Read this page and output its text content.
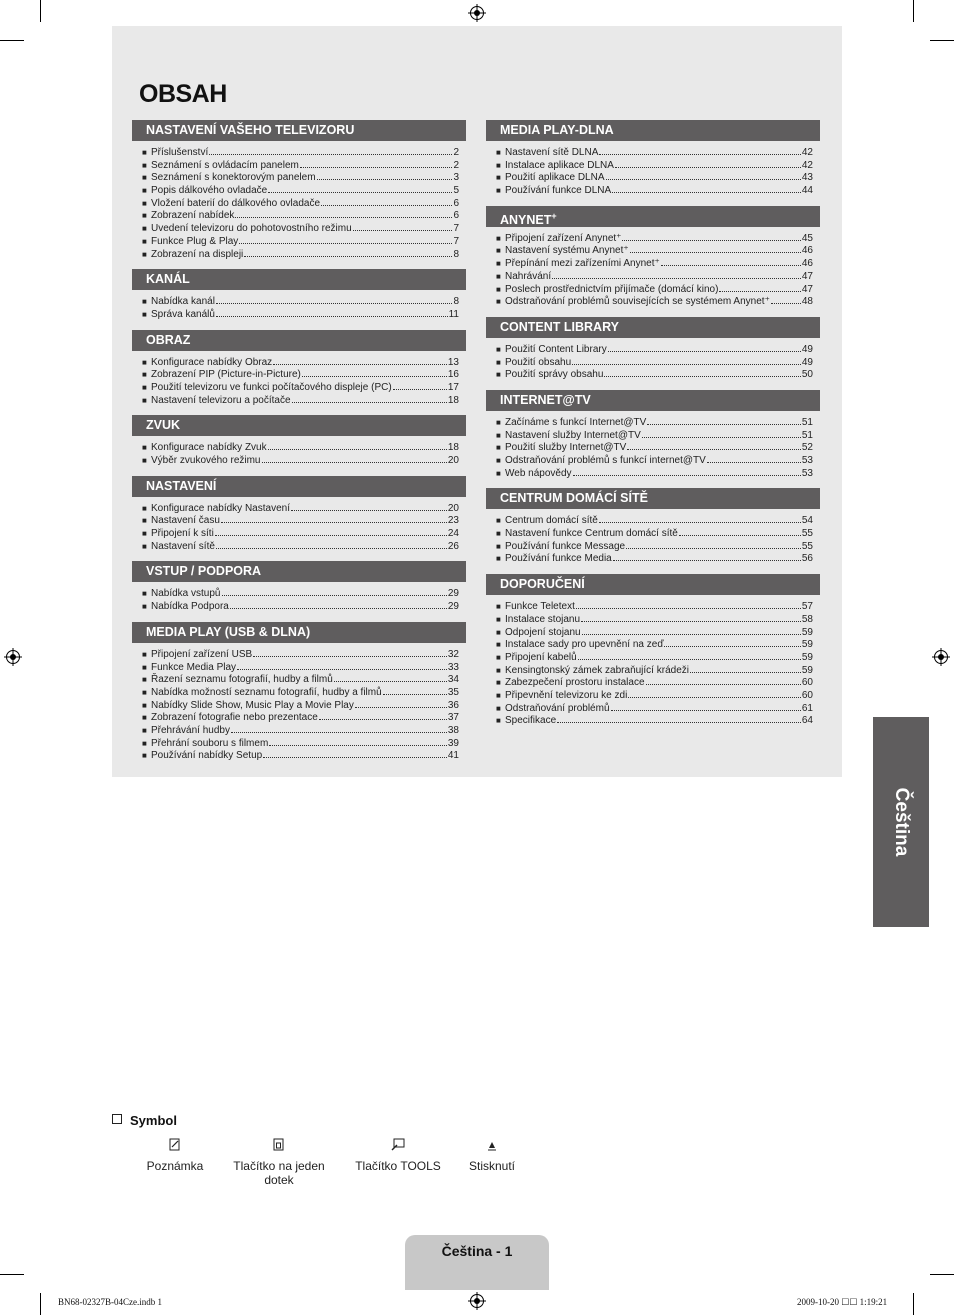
OBSAH
NASTAVENÍ VAŠEHO TELEVIZORU
■ Příslušenství	2
■ Seznámení s ovládacím panelem	2
■ Seznámení s konektorovým panelem	3
■ Popis dálkového ovladače	5
■ Vložení baterií do dálkového ovladače	6
■ Zobrazení nabídek	6
■ Uvedení televizoru do pohotovostního režimu	7
■ Funkce Plug & Play	7
■ Zobrazení na displeji	8
KANÁL
■ Nabídka kanál	8
■ Správa kanálů	11
OBRAZ
■ Konfigurace nabídky Obraz	13
■ Zobrazení PIP (Picture-in-Picture)	16
■ Použití televizoru ve funkci počítačového displeje (PC)	17
■ Nastavení televizoru a počítače	18
ZVUK
■ Konfigurace nabídky Zvuk	18
■ Výběr zvukového režimu	20
NASTAVENÍ
■ Konfigurace nabídky Nastavení	20
■ Nastavení času	23
■ Připojení k síti	24
■ Nastavení sítě	26
VSTUP / PODPORA
■ Nabídka vstupů	29
■ Nabídka Podpora	29
MEDIA PLAY (USB & DLNA)
■ Připojení zařízení USB	32
■ Funkce Media Play	33
■ Řazení seznamu fotografií, hudby a filmů	34
■ Nabídka možností seznamu fotografií, hudby a filmů	35
■ Nabídky Slide Show, Music Play a Movie Play	36
■ Zobrazení fotografie nebo prezentace	37
■ Přehrávání hudby	38
■ Přehrání souboru s filmem	39
■ Používání nabídky Setup	41
MEDIA PLAY-DLNA
■ Nastavení sítě DLNA	42
■ Instalace aplikace DLNA	42
■ Použití aplikace DLNA	43
■ Používání funkce DLNA	44
ANYNET+
■ Připojení zařízení Anynet⁺	45
■ Nastavení systému Anynet⁺	46
■ Přepínání mezi zařízeními Anynet⁺	46
■ Nahrávání	47
■ Poslech prostřednictvím přijímače (domácí kino)	47
■ Odstraňování problémů souvisejících se systémem Anynet⁺	48
CONTENT LIBRARY
■ Použití Content Library	49
■ Použití obsahu	49
■ Použití správy obsahu	50
INTERNET@TV
■ Začínáme s funkcí Internet@TV	51
■ Nastavení služby Internet@TV	51
■ Použití služby Internet@TV	52
■ Odstraňování problémů s funkcí internet@TV	53
■ Web nápovědy	53
CENTRUM DOMÁCÍ SÍTĚ
■ Centrum domácí sítě	54
■ Nastavení funkce Centrum domácí sítě	55
■ Používání funkce Message	55
■ Používání funkce Media	56
DOPORUČENÍ
■ Funkce Teletext	57
■ Instalace stojanu	58
■ Odpojení stojanu	59
■ Instalace sady pro upevnění na zeď	59
■ Připojení kabelů	59
■ Kensingtonský zámek zabraňující krádeži	59
■ Zabezpečení prostoru instalace	60
■ Připevnění televizoru ke zdi	60
■ Odstraňování problémů	61
■ Specifikace	64
Čeština
Symbol
Poznámka	Tlačítko na jeden dotek
Tlačítko TOOLS	Stisknutí
Čeština - 1
BN68-02327B-04Cze.indb 1	2009-10-20 ☐☐ 1:19:21
